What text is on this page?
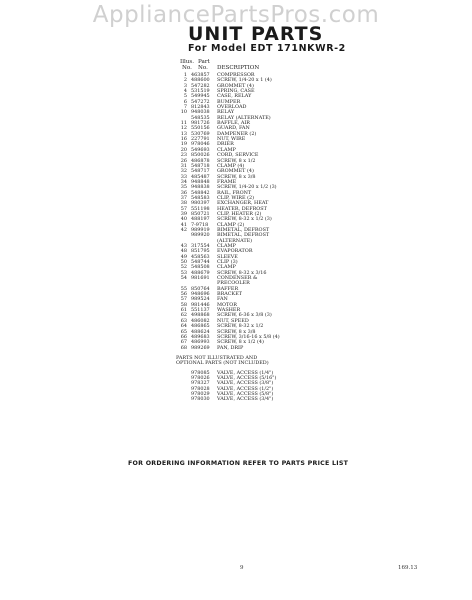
AppliancePartsPros.com
UNIT PARTS
For Model EDT 171NKWR-2
Illus. Part
No. No. DESCRIPTION
1 463857 COMPRESSOR
2 488600 SCREW, 1/4-20 x 1 (4)
3 547282 GROMMET (4)
4 531519 SPRING, CASE
5 549945 CASE, RELAY
6 547272 BUMPER
7 812843 OVERLOAD
10 948038 RELAY
548535 RELAY (ALTERNATE)
11 981726 BAFFLE, AIR
12 550156 GUARD, FAN
13 530769 DAMPENER (2)
16 227791 NUT, WIRE
19 978046 DRIER
20 549693 CLAMP
23 850026 CORD, SERVICE
26 486878 SCREW, 8 x 1/2
31 548718 CLAMP (4)
32 548717 GROMMET (4)
33 485487 SCREW, 8 x 3/8
34 948848 FRAME
35 948838 SCREW, 1/4-20 x 1/2 (3)
36 548842 RAIL, FRONT
37 548583 CLIP, WIRE (2)
38 980397 EXCHANGER, HEAT
57 551198 HEATER, DEFROST
39 850721 CLIP, HEATER (2)
40 488197 SCREW, 8-32 x 1/2 (3)
41 7-9718 CLAMP (2)
42 989919 BIMETAL, DEFROST
989920 BIMETAL, DEFROST
(ALTERNATE)
43 317554 CLAMP
48 851795 EVAPORATOR
49 458563 SLEEVE
50 548744 CLIP (3)
52 548508 CLAMP
53 488679 SCREW, 8-32 x 3/16
54 981691 CONDENSER &
PRECOOLER
55 850764 BAFFER
56 948696 BRACKET
57 989524 FAN
58 981446 MOTOR
61 551137 WASHER
62 498868 SCREW, 6-36 x 3/8 (3)
63 486082 NUT, SPEED
64 486865 SCREW, 8-32 x 1/2
65 488624 SCREW, 8 x 3/8
66 489683 SCREW, 3/16-16 x 5/8 (4)
67 486993 SCREW, 8 x 1/2 (4)
68 989269 PAN, DRIP
PARTS NOT ILLUSTRATED AND
OPTIONAL PARTS (NOT INCLUDED)
978085 VALVE, ACCESS (1/4")
978026 VALVE, ACCESS (5/16")
978327 VALVE, ACCESS (3/8")
978028 VALVE, ACCESS (1/2")
978029 VALVE, ACCESS (5/8")
978030 VALVE, ACCESS (3/4")
FOR ORDERING INFORMATION REFER TO PARTS PRICE LIST
9	169.13
